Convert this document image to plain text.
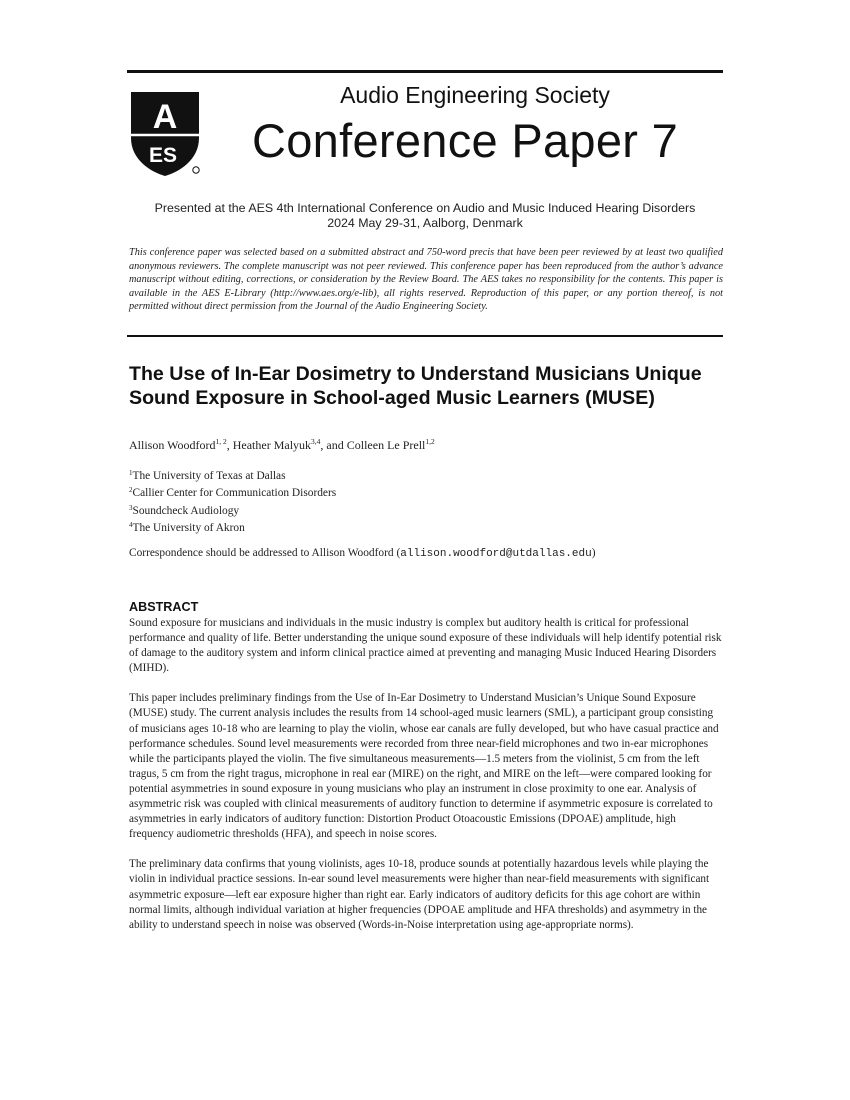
A
ES
Audio Engineering Society
Conference Paper 7
Presented at the AES 4th International Conference on Audio and Music Induced Hearing Disorders
2024 May 29-31, Aalborg, Denmark
This conference paper was selected based on a submitted abstract and 750-word precis that have been peer reviewed by at least two qualified anonymous reviewers. The complete manuscript was not peer reviewed. This conference paper has been reproduced from the author’s advance manuscript without editing, corrections, or consideration by the Review Board. The AES takes no responsibility for the contents. This paper is available in the AES E-Library (http://www.aes.org/e-lib), all rights reserved. Reproduction of this paper, or any portion thereof, is not permitted without direct permission from the Journal of the Audio Engineering Society.
The Use of In-Ear Dosimetry to Understand Musicians Unique
Sound Exposure in School-aged Music Learners (MUSE)
Allison Woodford$^{1, 2}$, Heather Malyuk$^{3,4}$, and Colleen Le Prell$^{1,2}$
$^1$The University of Texas at Dallas
$^2$Callier Center for Communication Disorders
$^3$Soundcheck Audiology
$^4$The University of Akron
Correspondence should be addressed to Allison Woodford (allison.woodford@utdallas.edu)
ABSTRACT

Sound exposure for musicians and individuals in the music industry is complex but auditory health is critical for professional performance and quality of life. Better understanding the unique sound exposure of these individuals will help identify potential risk of damage to the auditory system and inform clinical practice aimed at preventing and managing Music Induced Hearing Disorders (MIHD).

This paper includes preliminary findings from the Use of In-Ear Dosimetry to Understand Musician’s Unique Sound Exposure (MUSE) study. The current analysis includes the results from 14 school-aged music learners (SML), a participant group consisting of musicians ages 10-18 who are learning to play the violin, whose ear canals are fully developed, but who have casual practice and performance schedules. Sound level measurements were recorded from three near-field microphones and two in-ear microphones while the participants played the violin. The five simultaneous measurements—1.5 meters from the violinist, 5 cm from the left tragus, 5 cm from the right tragus, microphone in real ear (MIRE) on the right, and MIRE on the left—were compared looking for potential asymmetries in sound exposure in young musicians who play an instrument in close proximity to one ear. Analysis of asymmetric risk was coupled with clinical measurements of auditory function to determine if asymmetric exposure is correlated to asymmetries in early indicators of auditory function: Distortion Product Otoacoustic Emissions (DPOAE) amplitude, high frequency audiometric thresholds (HFA), and speech in noise scores.

The preliminary data confirms that young violinists, ages 10-18, produce sounds at potentially hazardous levels while playing the violin in individual practice sessions. In-ear sound level measurements were higher than near-field measurements with significant asymmetric exposure—left ear exposure higher than right ear. Early indicators of auditory deficits for this age cohort are within normal limits, although individual variation at higher frequencies (DPOAE amplitude and HFA thresholds) and asymmetry in the ability to understand speech in noise was observed (Words-in-Noise interpretation using age-appropriate norms).
